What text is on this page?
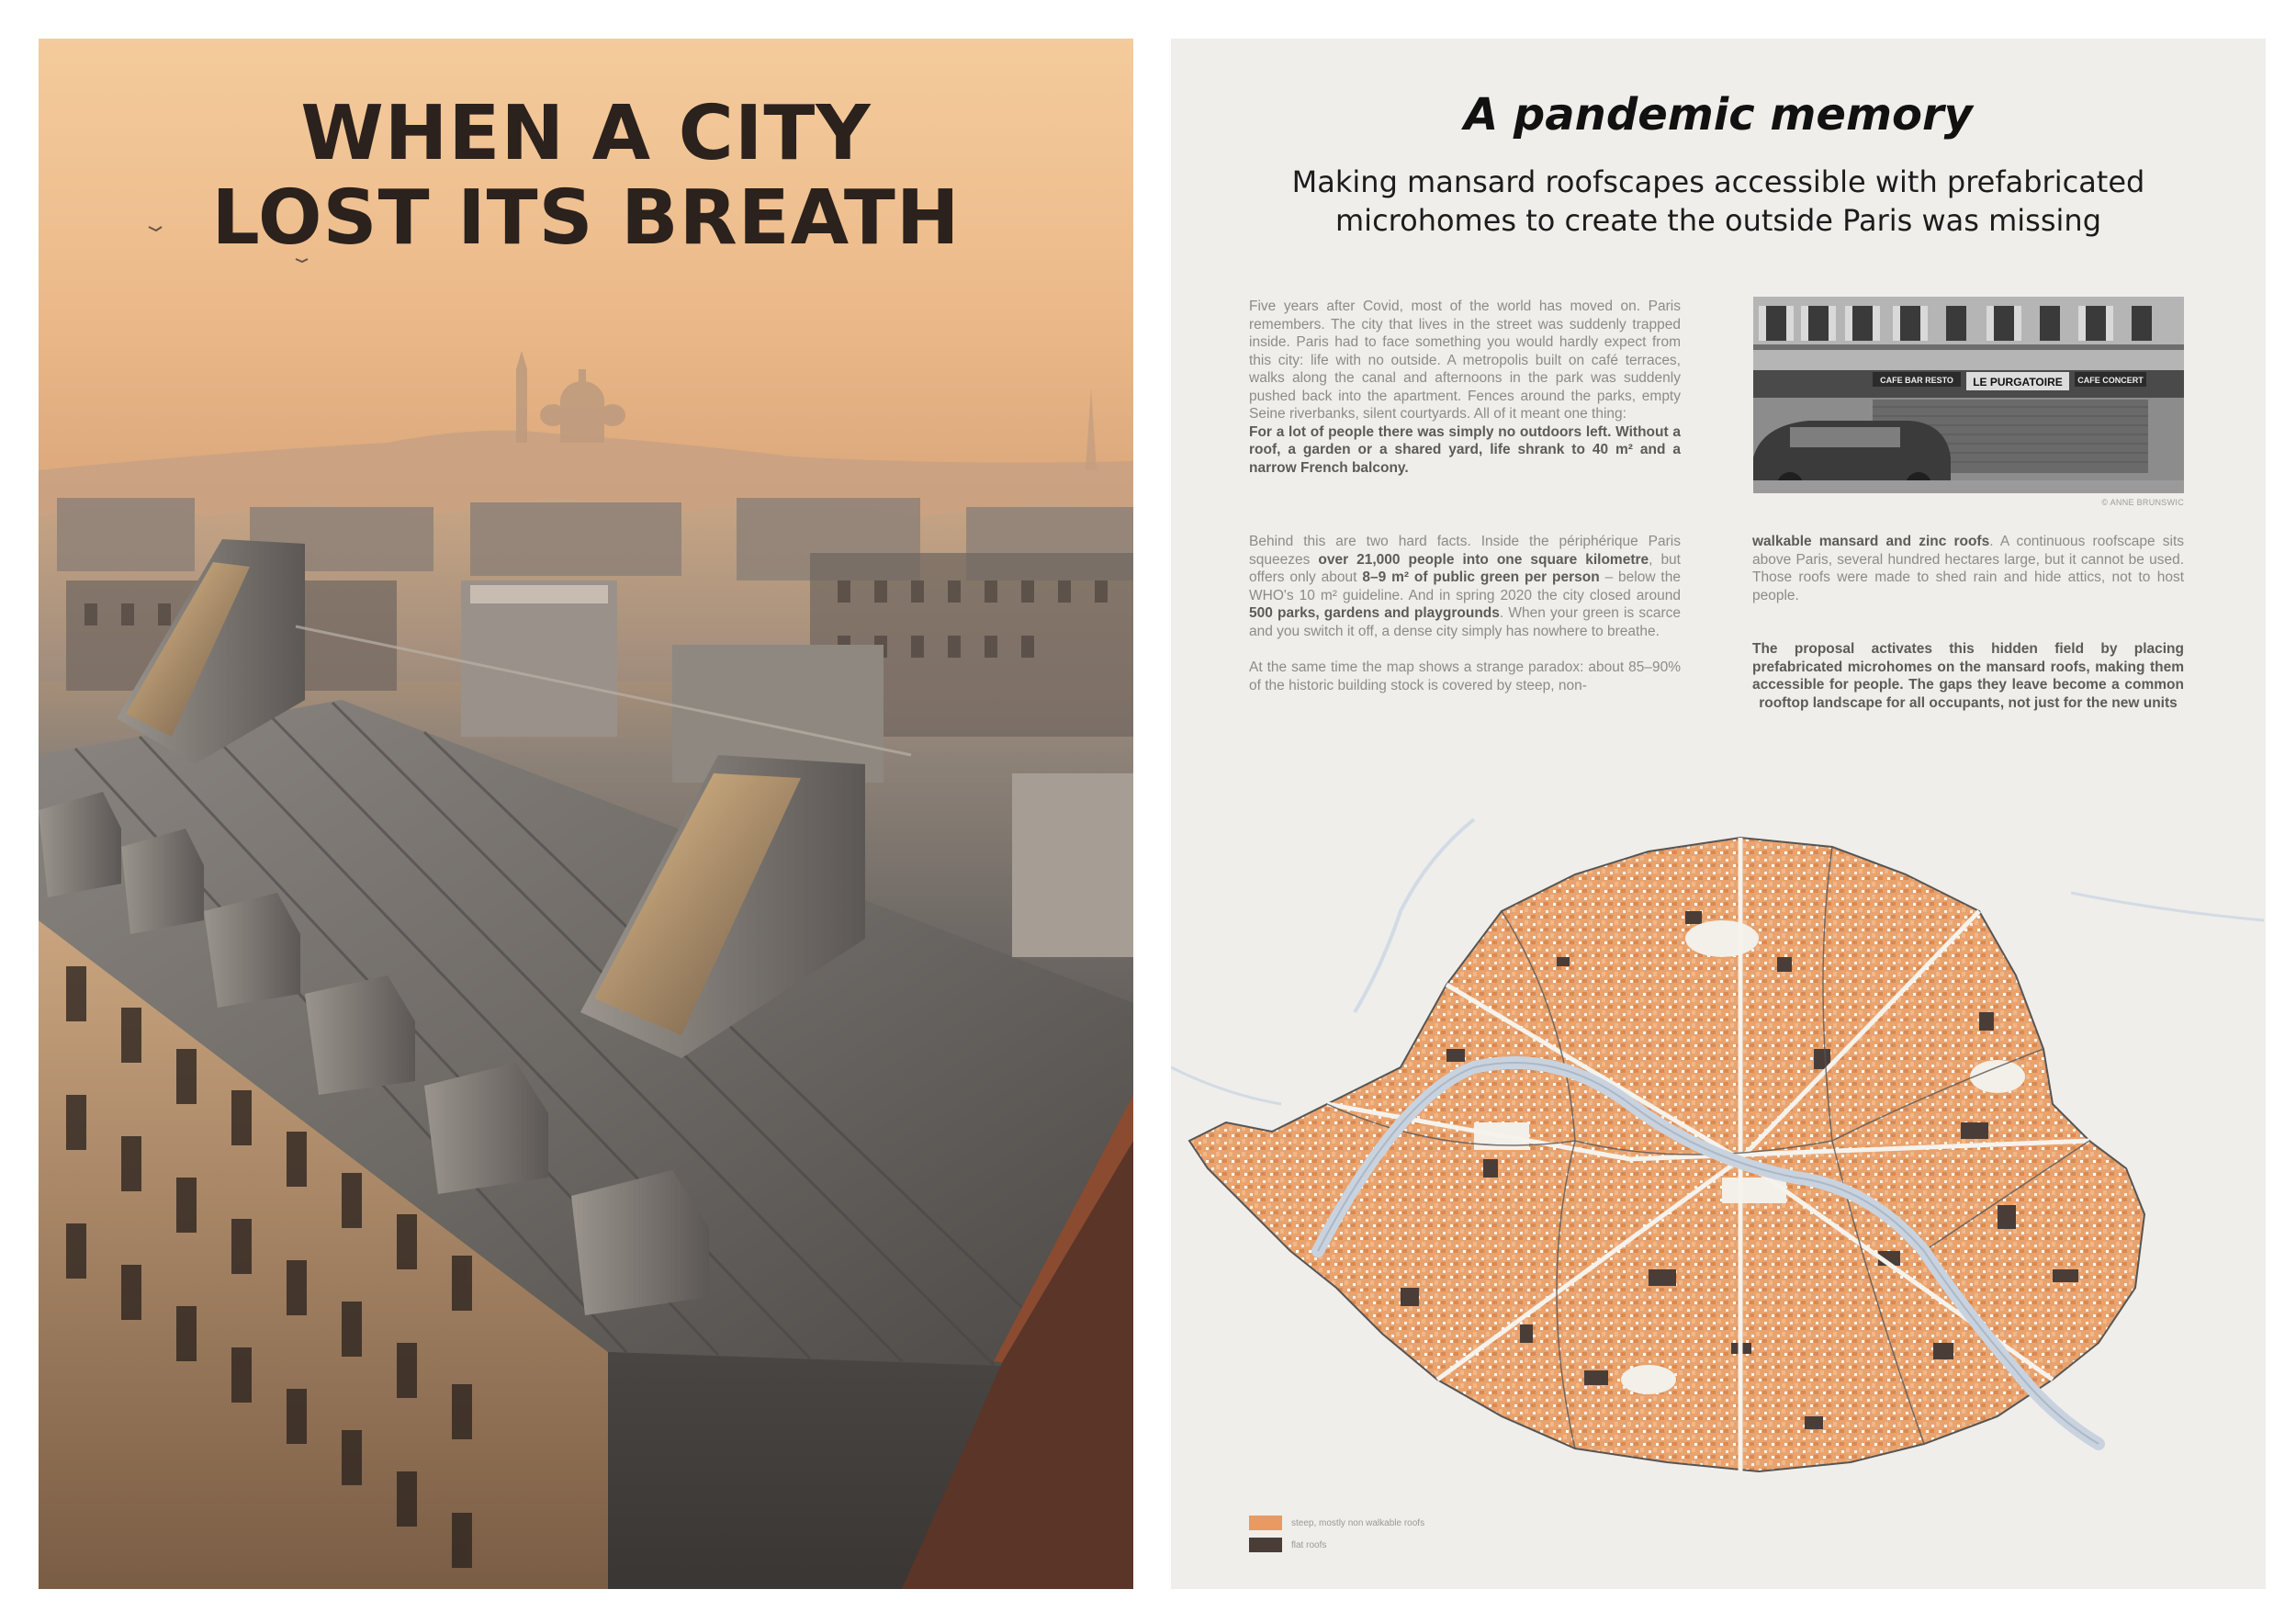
WHEN A CITY
LOST ITS BREATH
A pandemic memory
Making mansard roofscapes accessible with prefabricated microhomes to create the outside Paris was missing

Five years after Covid, most of the world has moved on. Paris remembers. The city that lives in the street was suddenly trapped inside. Paris had to face something you would hardly expect from this city: life with no outside. A metropolis built on café terraces, walks along the canal and afternoons in the park was suddenly pushed back into the apartment. Fences around the parks, empty Seine riverbanks, silent courtyards. All of it meant one thing:
For a lot of people there was simply no outdoors left. Without a roof, a garden or a shared yard, life shrank to 40 m² and a narrow French balcony.

Behind this are two hard facts. Inside the périphérique Paris squeezes over 21,000 people into one square kilometre, but offers only about 8–9 m² of public green per person – below the WHO's 10 m² guideline. And in spring 2020 the city closed around 500 parks, gardens and playgrounds. When your green is scarce and you switch it off, a dense city simply has nowhere to breathe.

At the same time the map shows a strange paradox: about 85–90% of the historic building stock is covered by steep, non-

walkable mansard and zinc roofs. A continuous roofscape sits above Paris, several hundred hectares large, but it cannot be used. Those roofs were made to shed rain and hide attics, not to host people.

The proposal activates this hidden field by placing prefabricated microhomes on the mansard roofs, making them accessible for people. The gaps they leave become a common rooftop landscape for all occupants, not just for the new units
CAFE BAR RESTO LE PURGATOIRE CAFE CONCERT
© ANNE BRUNSWIC
steep, mostly non walkable roofs
flat roofs
